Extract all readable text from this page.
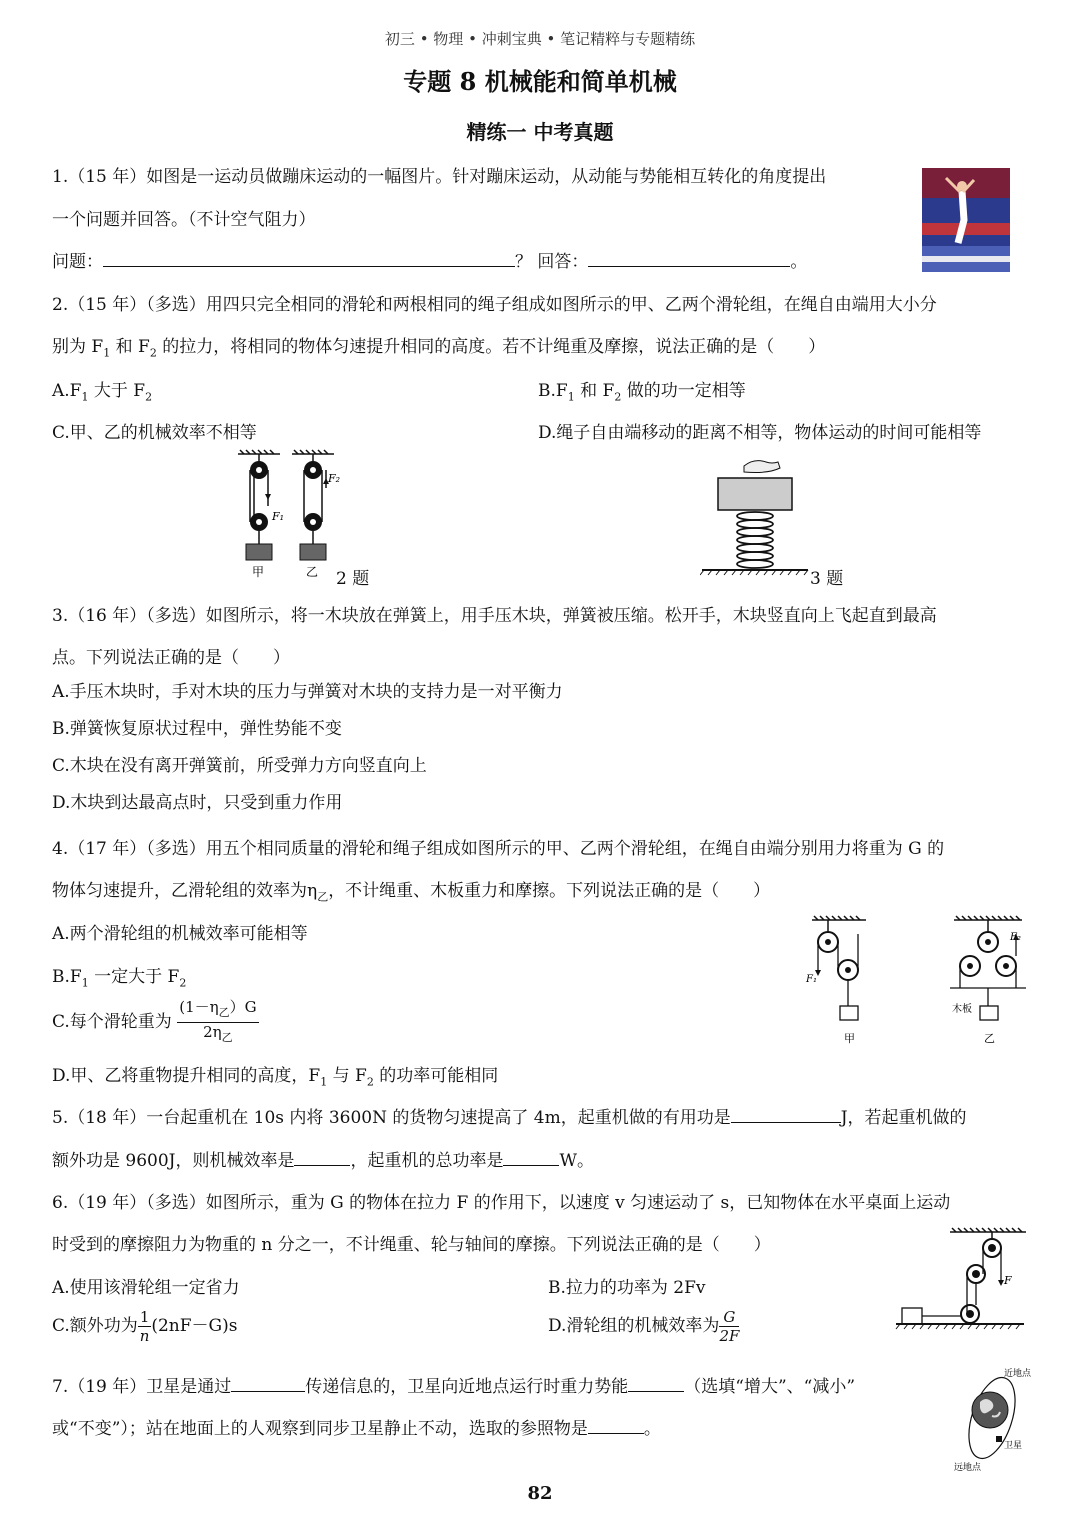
初三 • 物理 • 冲刺宝典 • 笔记精粹与专题精练
专题 8 机械能和简单机械
精练一 中考真题
1.（15 年）如图是一运动员做蹦床运动的一幅图片。针对蹦床运动，从动能与势能相互转化的角度提出
一个问题并回答。（不计空气阻力）
问题：	？ 回答：	。
2.（15 年）（多选）用四只完全相同的滑轮和两根相同的绳子组成如图所示的甲、乙两个滑轮组，在绳自由端用大小分
别为 $F_1$ 和 $F_2$ 的拉力，将相同的物体匀速提升相同的高度。若不计绳重及摩擦，说法正确的是（　　）
$A.F_1$ 大于 $F_2$	$B.F_1$ 和 $F_2$ 做的功一定相等
C.甲、乙的机械效率不相等	D.绳子自由端移动的距离不相等，物体运动的时间可能相等
F₁
F₂
甲	乙 2 题	3 题
3.（16 年）（多选）如图所示，将一木块放在弹簧上，用手压木块，弹簧被压缩。松开手，木块竖直向上飞起直到最高
点。下列说法正确的是（　　）
A.手压木块时，手对木块的压力与弹簧对木块的支持力是一对平衡力
B.弹簧恢复原状过程中，弹性势能不变
C.木块在没有离开弹簧前，所受弹力方向竖直向上
D.木块到达最高点时，只受到重力作用
4.（17 年）（多选）用五个相同质量的滑轮和绳子组成如图所示的甲、乙两个滑轮组，在绳自由端分别用力将重为 G 的
物体匀速提升，乙滑轮组的效率为$\eta_乙$，不计绳重、木板重力和摩擦。下列说法正确的是（　　）
A.两个滑轮组的机械效率可能相等
$B.F_1$ 一定大于 $F_2$
C.每个滑轮重为 $\frac{(1-\eta_乙)G}{2\eta_乙}$
D.甲、乙将重物提升相同的高度，$F_1$ 与 $F_2$ 的功率可能相同
F₁
甲
木板
F₂
乙
5.（18 年）一台起重机在 10s 内将 3600N 的货物匀速提高了 4m，起重机做的有用功是	J，若起重机做的
额外功是 9600J，则机械效率是	，起重机的总功率是	W。
6.（19 年）（多选）如图所示，重为 G 的物体在拉力 F 的作用下，以速度 v 匀速运动了 s，已知物体在水平桌面上运动
时受到的摩擦阻力为物重的 n 分之一，不计绳重、轮与轴间的摩擦。下列说法正确的是（　　）
A.使用该滑轮组一定省力	B.拉力的功率为 2Fv
C.额外功为 $\frac{1}{n} (2nF-G)s$	D.滑轮组的机械效率为 $\frac{G}{2F}$
F
7.（19 年）卫星是通过	传递信息的，卫星向近地点运行时重力势能	（选填“增大”、“减小”
或“不变”）；站在地面上的人观察到同步卫星静止不动，选取的参照物是	。
近地点
卫星
远地点
82
